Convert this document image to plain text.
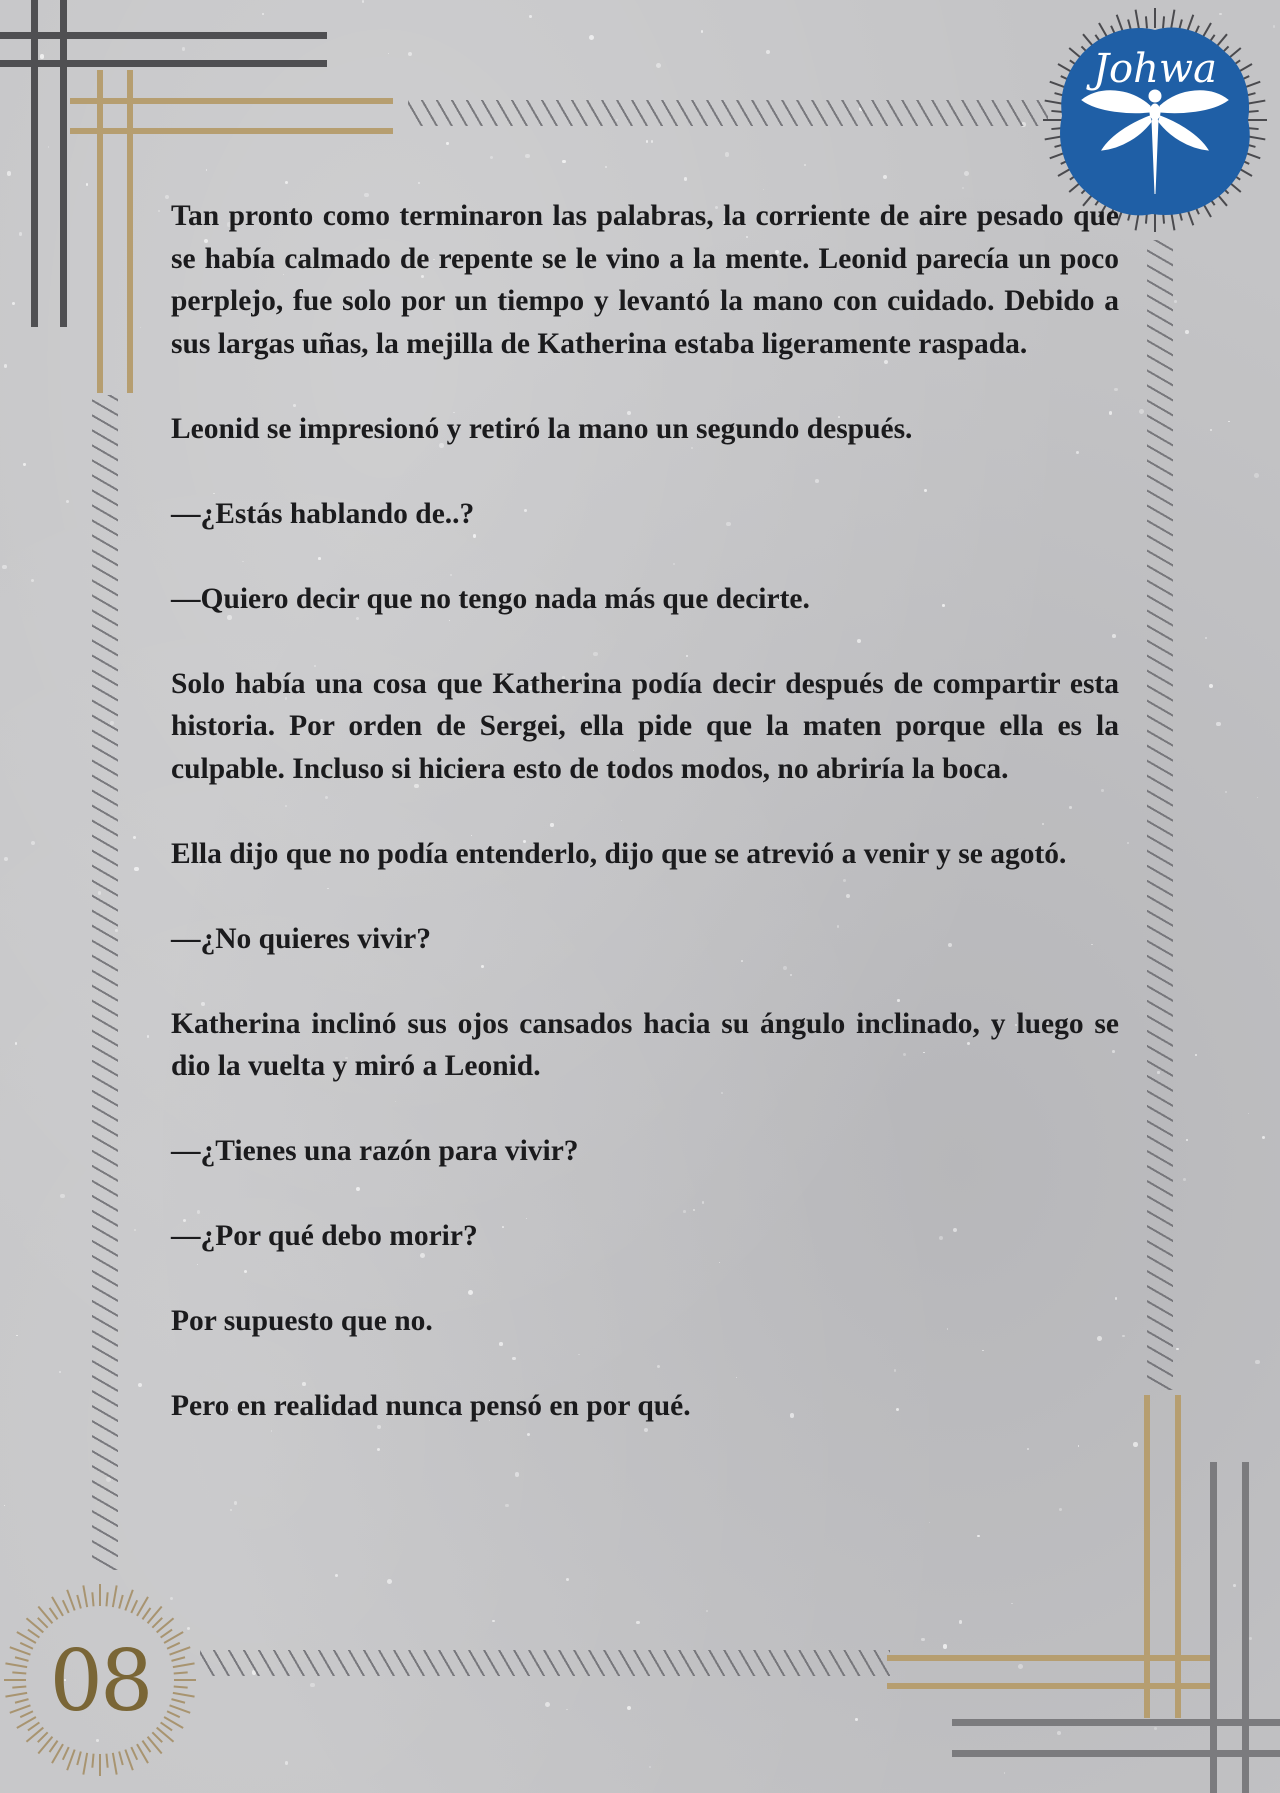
Johwa
08

Tan pronto como terminaron las palabras, la corriente de aire pesado que se había calmado de repente se le vino a la mente. Leonid parecía un poco perplejo, fue solo por un tiempo y levantó la mano con cuidado. Debido a sus largas uñas, la mejilla de Katherina estaba ligeramente raspada.

Leonid se impresionó y retiró la mano un segundo después.

—¿Estás hablando de..?

—Quiero decir que no tengo nada más que decirte.

Solo había una cosa que Katherina podía decir después de compartir esta historia. Por orden de Sergei, ella pide que la maten porque ella es la culpable. Incluso si hiciera esto de todos modos, no abriría la boca.

Ella dijo que no podía entenderlo, dijo que se atrevió a venir y se agotó.

—¿No quieres vivir?

Katherina inclinó sus ojos cansados hacia su ángulo inclinado, y luego se dio la vuelta y miró a Leonid.

—¿Tienes una razón para vivir?

—¿Por qué debo morir?

Por supuesto que no.

Pero en realidad nunca pensó en por qué.
